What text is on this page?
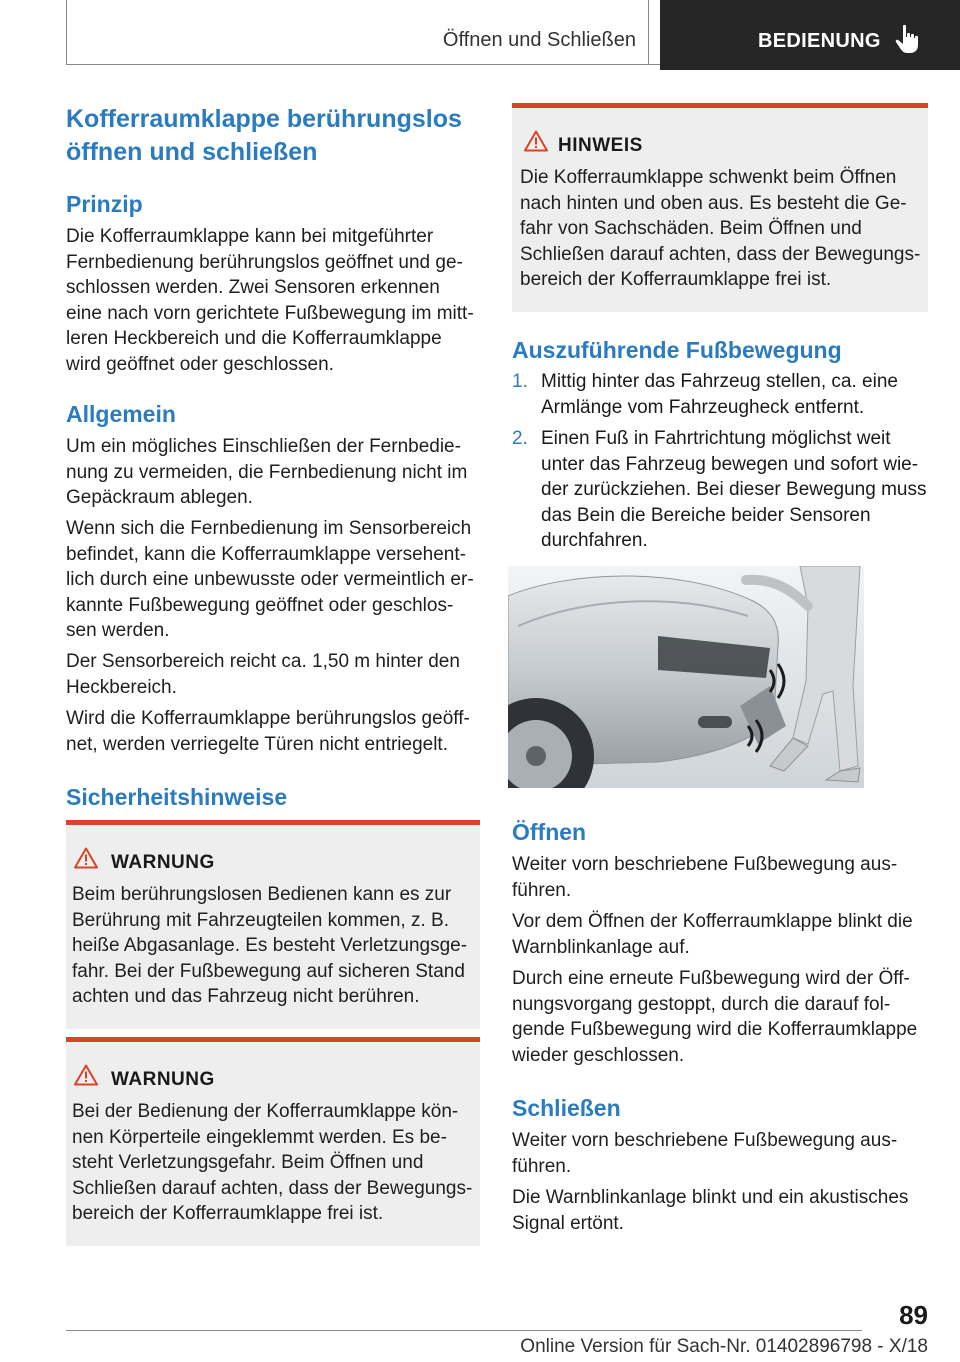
Öffnen und Schließen	BEDIENUNG
Kofferraumklappe berührungslos
öffnen und schließen
Prinzip
Die Kofferraumklappe kann bei mitgeführter
Fernbedienung berührungslos geöffnet und ge-
schlossen werden. Zwei Sensoren erkennen
eine nach vorn gerichtete Fußbewegung im mitt-
leren Heckbereich und die Kofferraumklappe
wird geöffnet oder geschlossen.
Allgemein
Um ein mögliches Einschließen der Fernbedie-
nung zu vermeiden, die Fernbedienung nicht im
Gepäckraum ablegen.
Wenn sich die Fernbedienung im Sensorbereich
befindet, kann die Kofferraumklappe versehent-
lich durch eine unbewusste oder vermeintlich er-
kannte Fußbewegung geöffnet oder geschlos-
sen werden.
Der Sensorbereich reicht ca. 1,50 m hinter den
Heckbereich.
Wird die Kofferraumklappe berührungslos geöff-
net, werden verriegelte Türen nicht entriegelt.
Sicherheitshinweise
WARNUNG
Beim berührungslosen Bedienen kann es zur
Berührung mit Fahrzeugteilen kommen, z. B.
heiße Abgasanlage. Es besteht Verletzungsge-
fahr. Bei der Fußbewegung auf sicheren Stand
achten und das Fahrzeug nicht berühren.
WARNUNG
Bei der Bedienung der Kofferraumklappe kön-
nen Körperteile eingeklemmt werden. Es be-
steht Verletzungsgefahr. Beim Öffnen und
Schließen darauf achten, dass der Bewegungs-
bereich der Kofferraumklappe frei ist.
HINWEIS
Die Kofferraumklappe schwenkt beim Öffnen
nach hinten und oben aus. Es besteht die Ge-
fahr von Sachschäden. Beim Öffnen und
Schließen darauf achten, dass der Bewegungs-
bereich der Kofferraumklappe frei ist.
Auszuführende Fußbewegung
1. Mittig hinter das Fahrzeug stellen, ca. eine
Armlänge vom Fahrzeugheck entfernt.
2. Einen Fuß in Fahrtrichtung möglichst weit
unter das Fahrzeug bewegen und sofort wie-
der zurückziehen. Bei dieser Bewegung muss
das Bein die Bereiche beider Sensoren
durchfahren.
Öffnen
Weiter vorn beschriebene Fußbewegung aus-
führen.
Vor dem Öffnen der Kofferraumklappe blinkt die
Warnblinkanlage auf.
Durch eine erneute Fußbewegung wird der Öff-
nungsvorgang gestoppt, durch die darauf fol-
gende Fußbewegung wird die Kofferraumklappe
wieder geschlossen.
Schließen
Weiter vorn beschriebene Fußbewegung aus-
führen.
Die Warnblinkanlage blinkt und ein akustisches
Signal ertönt.
89
Online Version für Sach-Nr. 01402896798 - X/18
